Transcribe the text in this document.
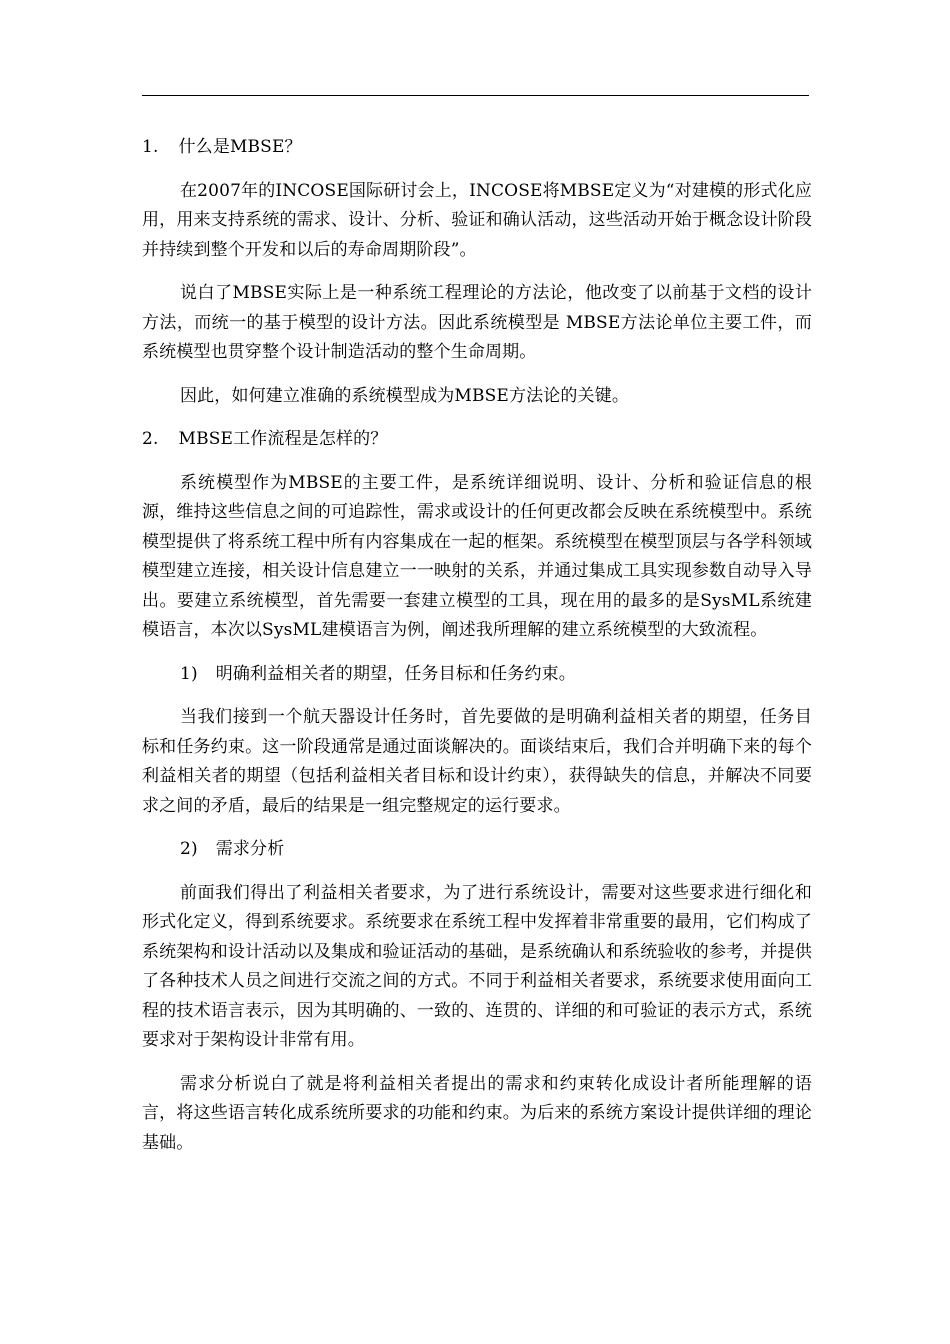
1. 什么是MBSE？

在2007年的INCOSE国际研讨会上，INCOSE将MBSE定义为“对建模的形式化应用，用来支持系统的需求、设计、分析、验证和确认活动，这些活动开始于概念设计阶段并持续到整个开发和以后的寿命周期阶段”。

说白了MBSE实际上是一种系统工程理论的方法论，他改变了以前基于文档的设计方法，而统一的基于模型的设计方法。因此系统模型是 MBSE方法论单位主要工件，而系统模型也贯穿整个设计制造活动的整个生命周期。

因此，如何建立准确的系统模型成为MBSE方法论的关键。

2. MBSE工作流程是怎样的？

系统模型作为MBSE的主要工件，是系统详细说明、设计、分析和验证信息的根源，维持这些信息之间的可追踪性，需求或设计的任何更改都会反映在系统模型中。系统模型提供了将系统工程中所有内容集成在一起的框架。系统模型在模型顶层与各学科领域模型建立连接，相关设计信息建立一一映射的关系，并通过集成工具实现参数自动导入导出。要建立系统模型，首先需要一套建立模型的工具，现在用的最多的是SysML系统建模语言，本次以SysML建模语言为例，阐述我所理解的建立系统模型的大致流程。

1) 明确利益相关者的期望，任务目标和任务约束。

当我们接到一个航天器设计任务时，首先要做的是明确利益相关者的期望，任务目标和任务约束。这一阶段通常是通过面谈解决的。面谈结束后，我们合并明确下来的每个利益相关者的期望（包括利益相关者目标和设计约束），获得缺失的信息，并解决不同要求之间的矛盾，最后的结果是一组完整规定的运行要求。

2) 需求分析

前面我们得出了利益相关者要求，为了进行系统设计，需要对这些要求进行细化和形式化定义，得到系统要求。系统要求在系统工程中发挥着非常重要的最用，它们构成了系统架构和设计活动以及集成和验证活动的基础，是系统确认和系统验收的参考，并提供了各种技术人员之间进行交流之间的方式。不同于利益相关者要求，系统要求使用面向工程的技术语言表示，因为其明确的、一致的、连贯的、详细的和可验证的表示方式，系统要求对于架构设计非常有用。

需求分析说白了就是将利益相关者提出的需求和约束转化成设计者所能理解的语言，将这些语言转化成系统所要求的功能和约束。为后来的系统方案设计提供详细的理论基础。
